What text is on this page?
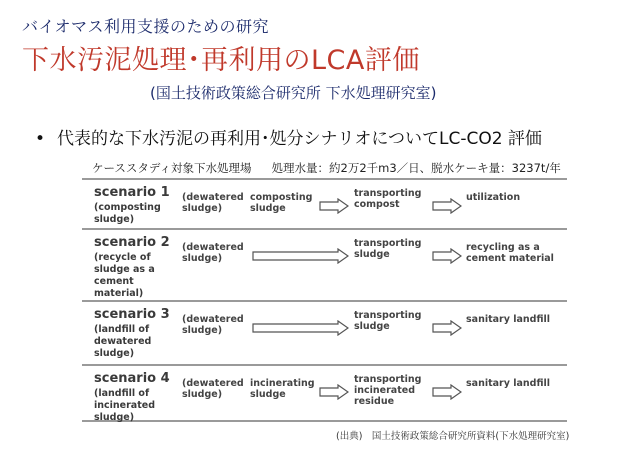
バイオマス利用支援のための研究
下水汚泥処理･再利用のLCA評価
(国土技術政策総合研究所 下水処理研究室)
• 代表的な下水汚泥の再利用･処分シナリオについてLC-CO2 評価
ケーススタディ対象下水処理場 処理水量：約2万2千m3／日、脱水ケーキ量：3237t/年
scenario 1
(composting
sludge)
(dewatered
sludge)
composting
sludge
transporting
compost
utilization
scenario 2
(recycle of
sludge as a
cement
material)
(dewatered
sludge)
transporting
sludge
recycling as a
cement material
scenario 3
(landfill of
dewatered
sludge)
(dewatered
sludge)
transporting
sludge
sanitary landfill
scenario 4
(landfill of
incinerated
sludge)
(dewatered
sludge)
incinerating
sludge
transporting
incinerated
residue
sanitary landfill
(出典)　国土技術政策総合研究所資料(下水処理研究室)
